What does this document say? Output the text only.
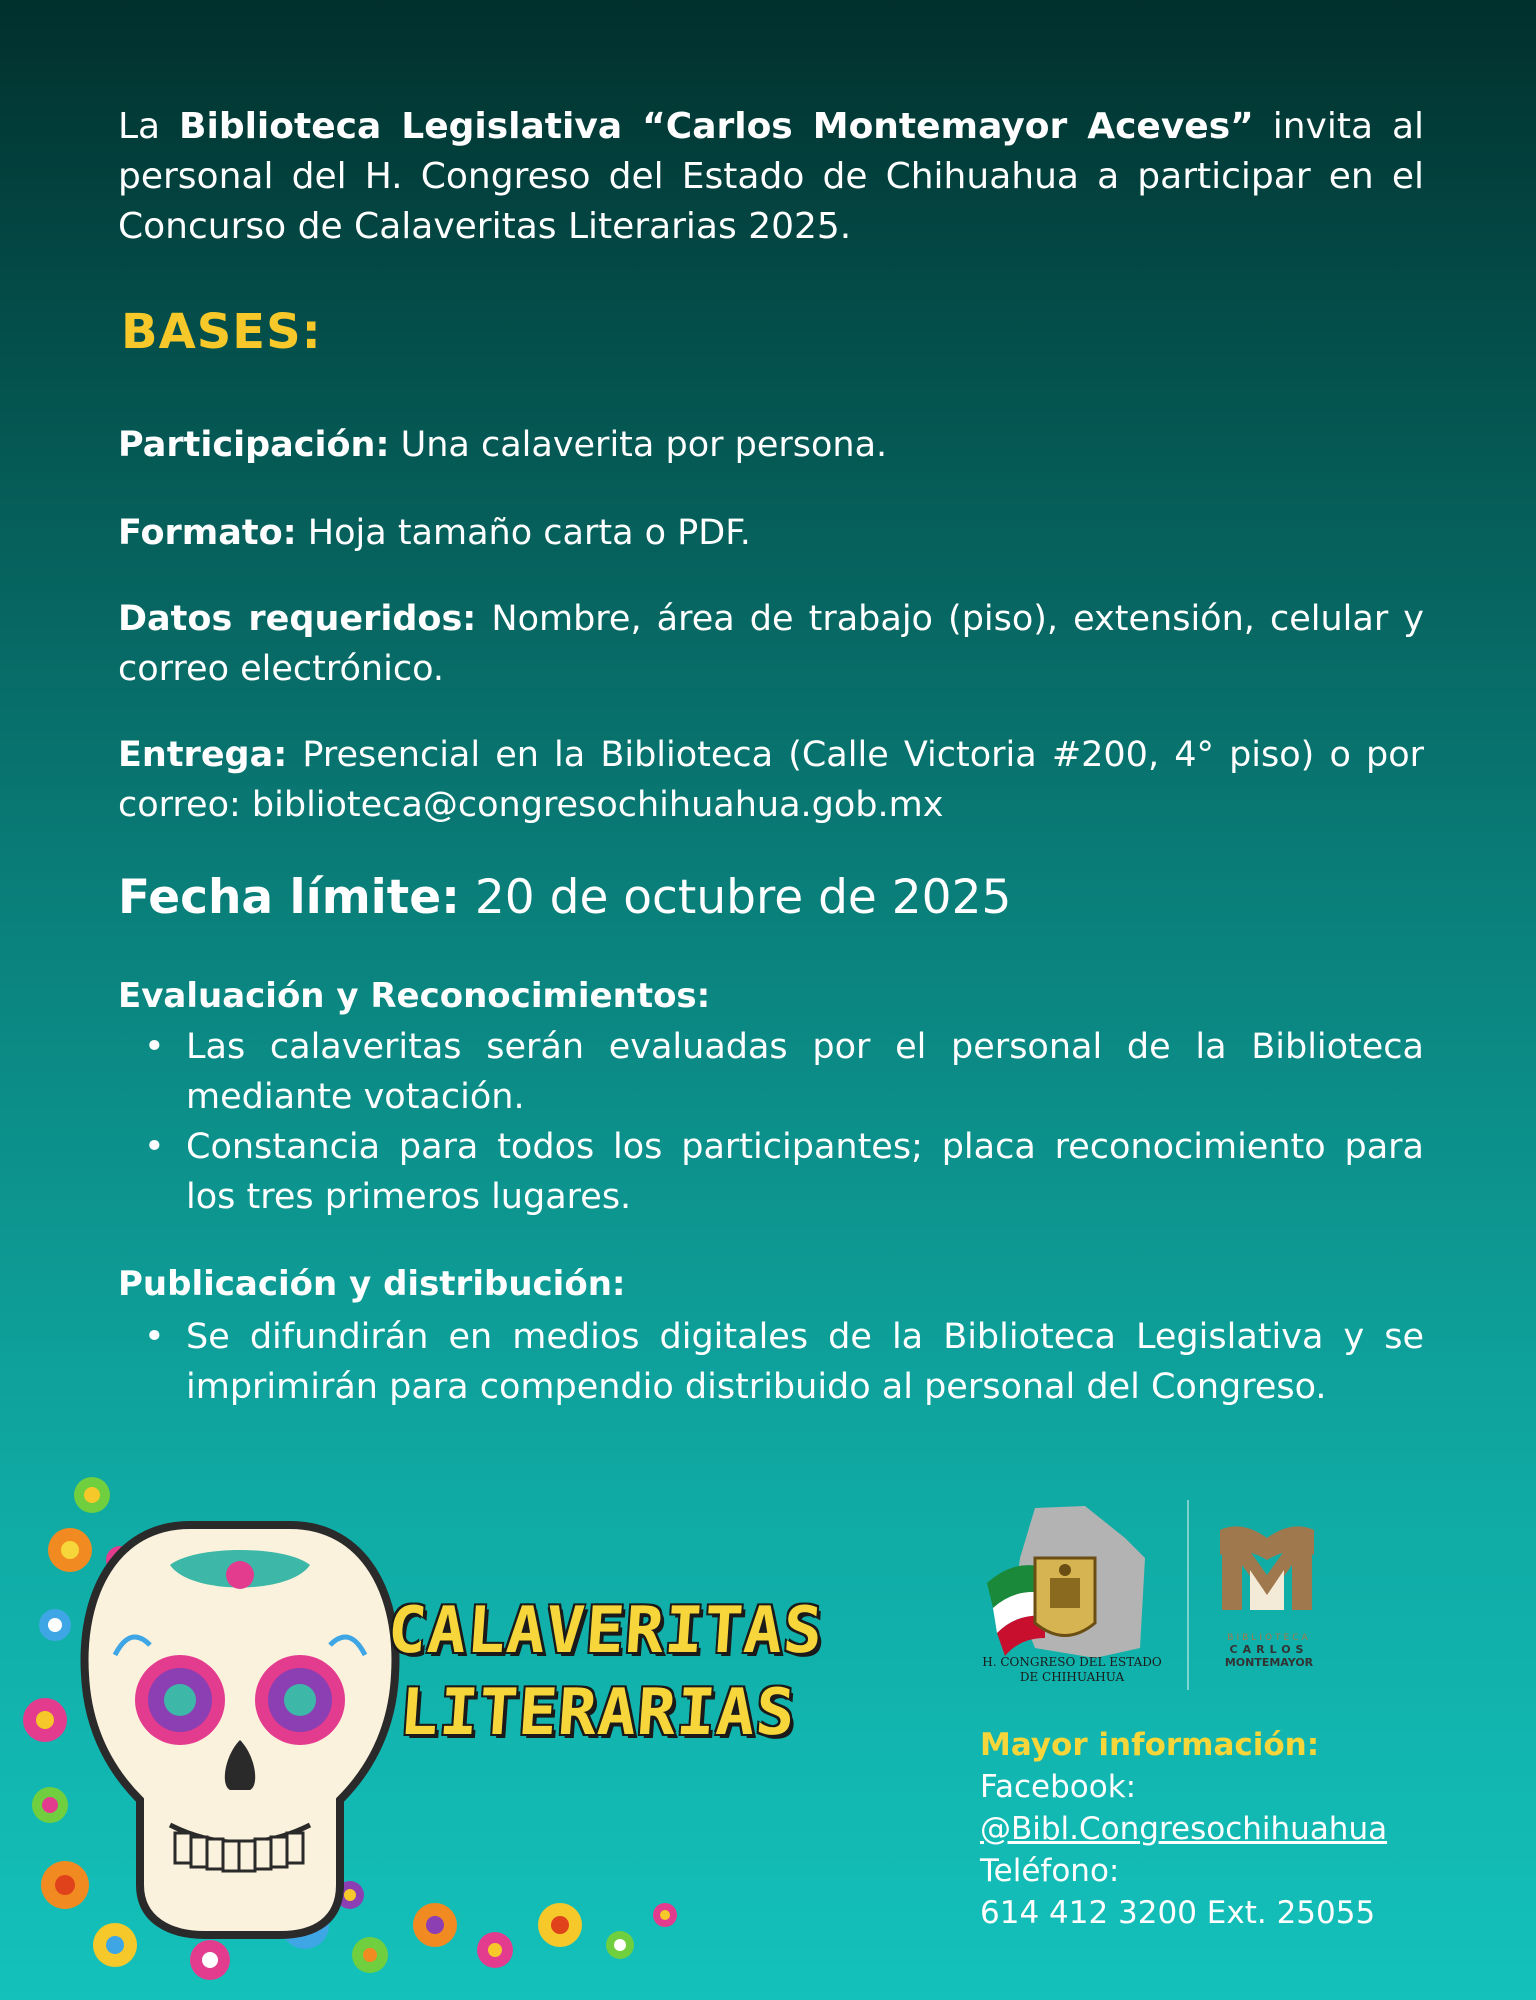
La Biblioteca Legislativa “Carlos Montemayor Aceves” invita al personal del H. Congreso del Estado de Chihuahua a participar en el Concurso de Calaveritas Literarias 2025.
BASES:
Participación: Una calaverita por persona.
Formato: Hoja tamaño carta o PDF.
Datos requeridos: Nombre, área de trabajo (piso), extensión, celular y correo electrónico.
Entrega: Presencial en la Biblioteca (Calle Victoria #200, 4° piso) o por correo: biblioteca@congresochihuahua.gob.mx
Fecha límite: 20 de octubre de 2025
Evaluación y Reconocimientos:
• Las calaveritas serán evaluadas por el personal de la Biblioteca mediante votación.
• Constancia para todos los participantes; placa reconocimiento para los tres primeros lugares.
Publicación y distribución:
• Se difundirán en medios digitales de la Biblioteca Legislativa y se imprimirán para compendio distribuido al personal del Congreso.
CALAVERITAS
LITERARIAS
H. CONGRESO DEL ESTADO
DE CHIHUAHUA
BIBLIOTECA
CARLOS
MONTEMAYOR
Mayor información:
Facebook:
@Bibl.Congresochihuahua
Teléfono:
614 412 3200 Ext. 25055
